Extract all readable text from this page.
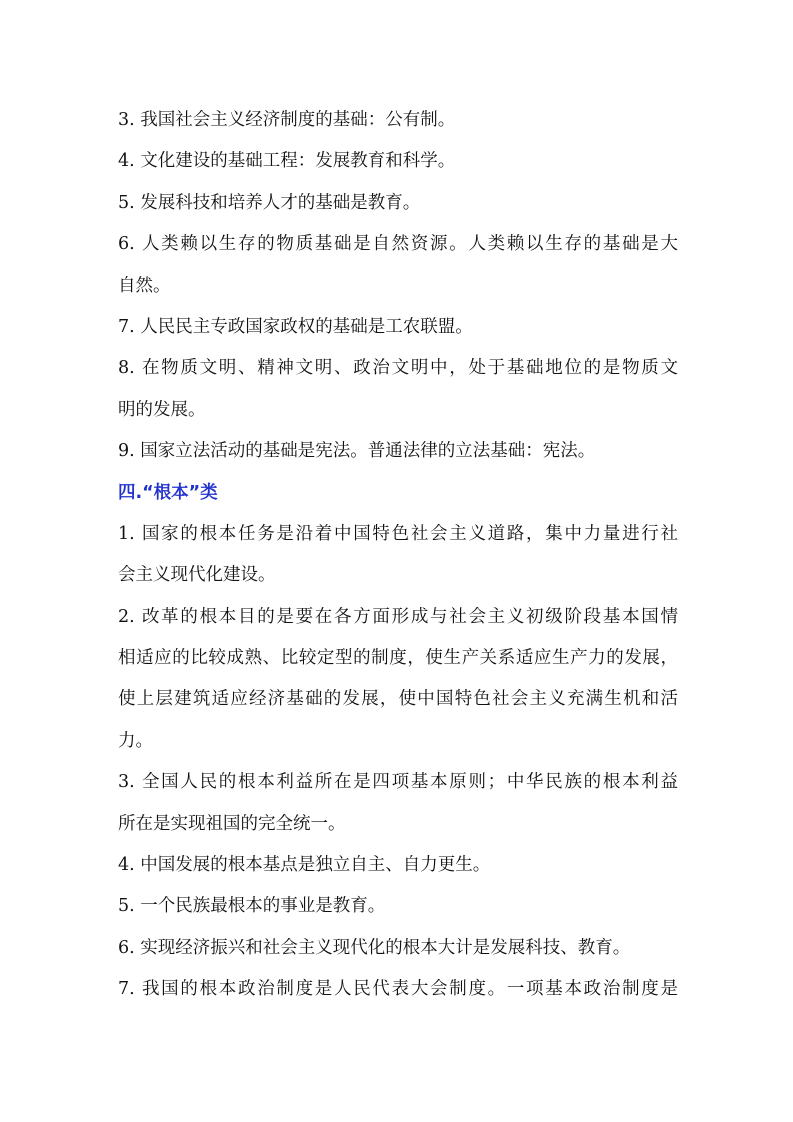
3. 我国社会主义经济制度的基础：公有制。
4. 文化建设的基础工程：发展教育和科学。
5. 发展科技和培养人才的基础是教育。
6. 人类赖以生存的物质基础是自然资源。人类赖以生存的基础是大
自然。
7. 人民民主专政国家政权的基础是工农联盟。
8. 在物质文明、精神文明、政治文明中，处于基础地位的是物质文
明的发展。
9. 国家立法活动的基础是宪法。普通法律的立法基础：宪法。
四.“根本”类
1. 国家的根本任务是沿着中国特色社会主义道路，集中力量进行社
会主义现代化建设。
2. 改革的根本目的是要在各方面形成与社会主义初级阶段基本国情
相适应的比较成熟、比较定型的制度，使生产关系适应生产力的发展，
使上层建筑适应经济基础的发展，使中国特色社会主义充满生机和活
力。
3. 全国人民的根本利益所在是四项基本原则；中华民族的根本利益
所在是实现祖国的完全统一。
4. 中国发展的根本基点是独立自主、自力更生。
5. 一个民族最根本的事业是教育。
6. 实现经济振兴和社会主义现代化的根本大计是发展科技、教育。
7. 我国的根本政治制度是人民代表大会制度。一项基本政治制度是
